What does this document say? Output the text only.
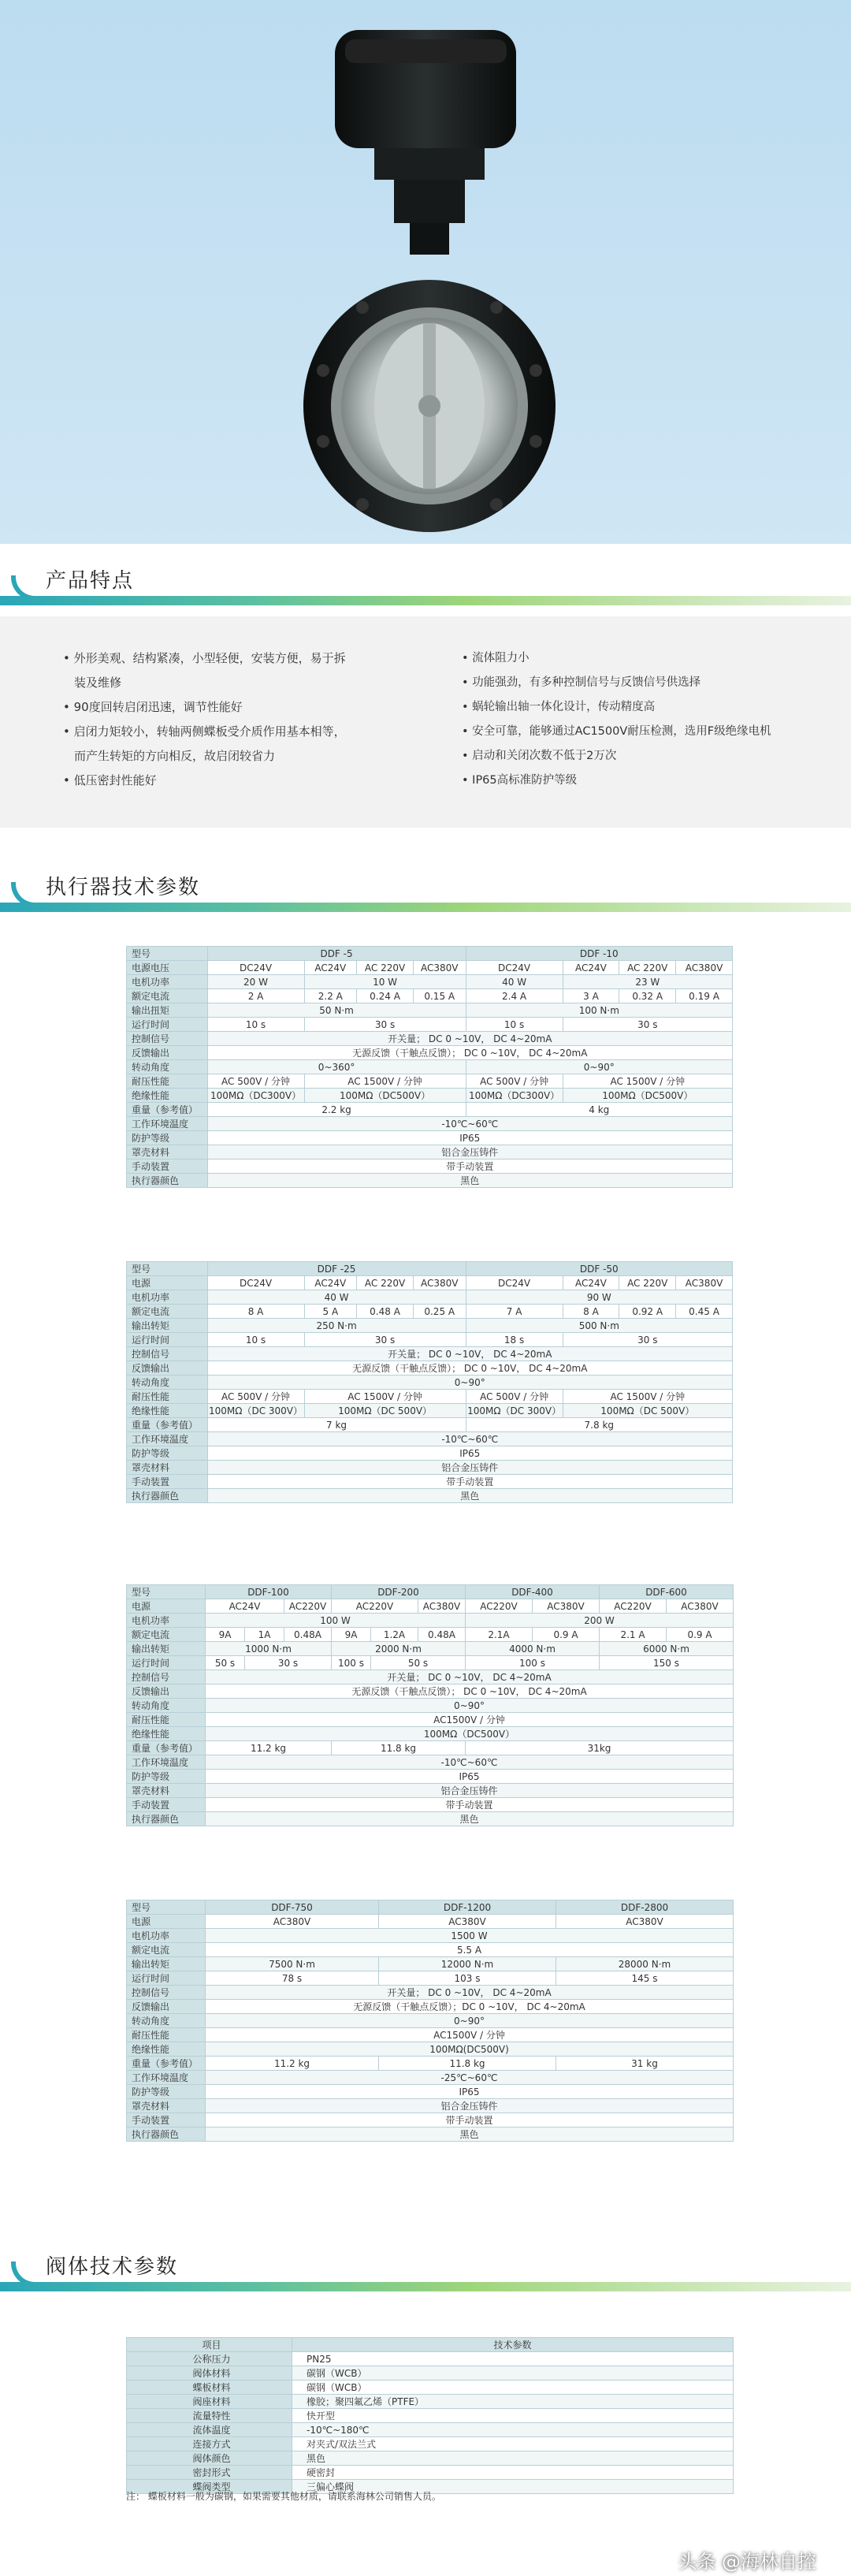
产品特点
• 外形美观、结构紧凑，小型轻便，安装方便，易于拆
装及维修
• 90度回转启闭迅速，调节性能好
• 启闭力矩较小，转轴两侧蝶板受介质作用基本相等，
而产生转矩的方向相反，故启闭较省力
• 低压密封性能好
• 流体阻力小
• 功能强劲，有多种控制信号与反馈信号供选择
• 蜗轮输出轴一体化设计，传动精度高
• 安全可靠，能够通过AC1500V耐压检测，选用F级绝缘电机
• 启动和关闭次数不低于2万次
• IP65高标准防护等级
执行器技术参数
型号	DDF -5				DDF -10			
电源电压	DC24V	AC24V	AC 220V	AC380V	DC24V	AC24V	AC 220V	AC380V
电机功率	20 W	10 W			40 W	23 W		
额定电流	2 A	2.2 A	0.24 A	0.15 A	2.4 A	3 A	0.32 A	0.19 A
输出扭矩	50 N·m				100 N·m			
运行时间	10 s	30 s			10 s	30 s		
控制信号	开关量； DC 0 ~10V， DC 4~20mA							
反馈输出	无源反馈（干触点反馈）； DC 0 ~10V， DC 4~20mA							
转动角度	0~360°				0~90°			
耐压性能	AC 500V / 分钟	AC 1500V / 分钟			AC 500V / 分钟	AC 1500V / 分钟		
绝缘性能	100MΩ（DC300V）	100MΩ（DC500V）			100MΩ（DC300V）	100MΩ（DC500V）		
重量（参考值）	2.2 kg				4 kg			
工作环境温度	-10℃~60℃							
防护等级	IP65							
罩壳材料	铝合金压铸件							
手动装置	带手动装置							
执行器颜色	黑色							
型号	DDF -25				DDF -50			
电源	DC24V	AC24V	AC 220V	AC380V	DC24V	AC24V	AC 220V	AC380V
电机功率	40 W				90 W			
额定电流	8 A	5 A	0.48 A	0.25 A	7 A	8 A	0.92 A	0.45 A
输出转矩	250 N·m				500 N·m			
运行时间	10 s	30 s			18 s	30 s		
控制信号	开关量； DC 0 ~10V， DC 4~20mA							
反馈输出	无源反馈（干触点反馈）； DC 0 ~10V， DC 4~20mA							
转动角度	0~90°							
耐压性能	AC 500V / 分钟	AC 1500V / 分钟			AC 500V / 分钟	AC 1500V / 分钟		
绝缘性能	100MΩ（DC 300V）	100MΩ（DC 500V）			100MΩ（DC 300V）	100MΩ（DC 500V）		
重量（参考值）	7 kg				7.8 kg			
工作环境温度	-10℃~60℃							
防护等级	IP65							
罩壳材料	铝合金压铸件							
手动装置	带手动装置							
执行器颜色	黑色							
型号	DDF-100			DDF-200			DDF-400		DDF-600	
电源	AC24V		AC220V	AC220V		AC380V	AC220V	AC380V	AC220V	AC380V
电机功率	100 W						200 W			
额定电流	9A	1A	0.48A	9A	1.2A	0.48A	2.1A	0.9 A	2.1 A	0.9 A
输出转矩	1000 N·m			2000 N·m			4000 N·m		6000 N·m	
运行时间	50 s	30 s		100 s	50 s		100 s		150 s	
控制信号	开关量； DC 0 ~10V， DC 4~20mA									
反馈输出	无源反馈（干触点反馈）； DC 0 ~10V， DC 4~20mA									
转动角度	0~90°									
耐压性能	AC1500V / 分钟									
绝缘性能	100MΩ（DC500V）									
重量（参考值）	11.2 kg			11.8 kg			31kg			
工作环境温度	-10℃~60℃									
防护等级	IP65									
罩壳材料	铝合金压铸件									
手动装置	带手动装置									
执行器颜色	黑色									
型号	DDF-750	DDF-1200	DDF-2800
电源	AC380V	AC380V	AC380V
电机功率	1500 W		
额定电流	5.5 A		
输出转矩	7500 N·m	12000 N·m	28000 N·m
运行时间	78 s	103 s	145 s
控制信号	开关量； DC 0 ~10V， DC 4~20mA		
反馈输出	无源反馈（干触点反馈）；DC 0 ~10V， DC 4~20mA		
转动角度	0~90°		
耐压性能	AC1500V / 分钟		
绝缘性能	100MΩ(DC500V)		
重量（参考值）	11.2 kg	11.8 kg	31 kg
工作环境温度	-25℃~60℃		
防护等级	IP65		
罩壳材料	铝合金压铸件		
手动装置	带手动装置		
执行器颜色	黑色		
阀体技术参数
项目	技术参数
公称压力	PN25
阀体材料	碳钢（WCB）
蝶板材料	碳钢（WCB）
阀座材料	橡胶；聚四氟乙烯（PTFE）
流量特性	快开型
流体温度	-10℃~180℃
连接方式	对夹式/双法兰式
阀体颜色	黑色
密封形式	硬密封
蝶阀类型	三偏心蝶阀
注： 蝶板材料一般为碳钢，如果需要其他材质，请联系海林公司销售人员。
头条 @海林自控
